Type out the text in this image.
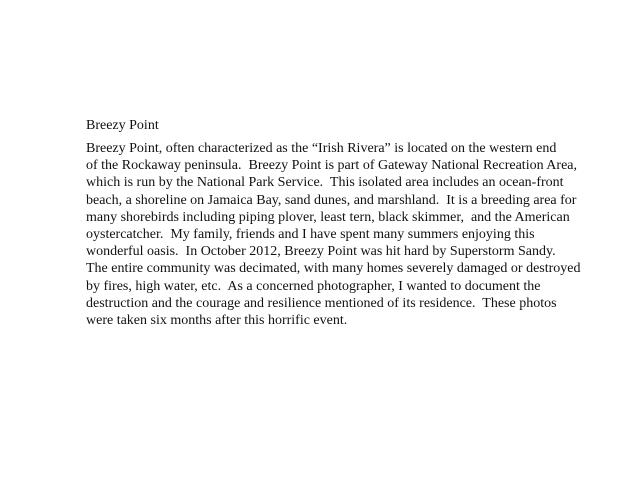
Breezy Point
Breezy Point, often characterized as the “Irish Rivera” is located on the western end
of the Rockaway peninsula.  Breezy Point is part of Gateway National Recreation Area,
which is run by the National Park Service.  This isolated area includes an ocean-front
beach, a shoreline on Jamaica Bay, sand dunes, and marshland.  It is a breeding area for
many shorebirds including piping plover, least tern, black skimmer,  and the American
oystercatcher.  My family, friends and I have spent many summers enjoying this
wonderful oasis.  In October 2012, Breezy Point was hit hard by Superstorm Sandy.
The entire community was decimated, with many homes severely damaged or destroyed
by fires, high water, etc.  As a concerned photographer, I wanted to document the
destruction and the courage and resilience mentioned of its residence.  These photos
were taken six months after this horrific event.
